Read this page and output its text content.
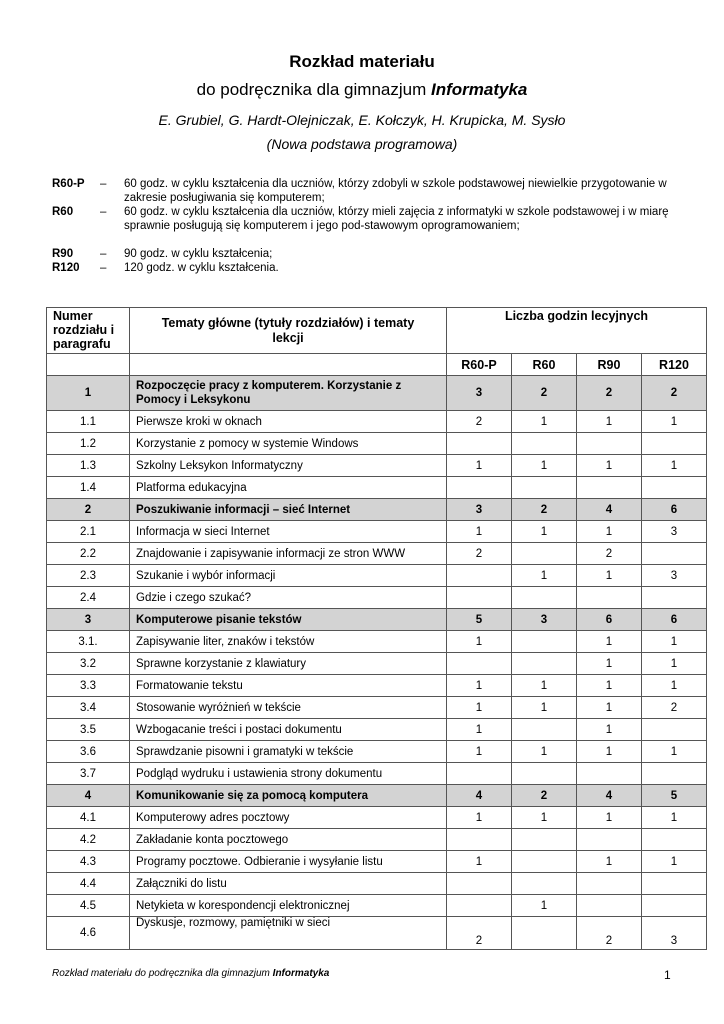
Rozkład materiału
do podręcznika dla gimnazjum Informatyka
E. Grubiel, G. Hardt-Olejniczak, E. Kołczyk, H. Krupicka, M. Sysło
(Nowa podstawa programowa)
R60-P	–	60 godz. w cyklu kształcenia dla uczniów, którzy zdobyli w szkole podstawowej niewielkie przygotowanie w zakresie posługiwania się komputerem;
R60	–	60 godz. w cyklu kształcenia dla uczniów, którzy mieli zajęcia z informatyki w szkole podstawowej i w miarę sprawnie posługują się komputerem i jego pod-stawowym oprogramowaniem;
R90	–	90 godz. w cyklu kształcenia;
R120	–	120 godz. w cyklu kształcenia.
Numer rozdziału i paragrafu	Tematy główne (tytuły rozdziałów) i tematy lekcji	Liczba godzin lecyjnych			
		R60-P	R60	R90	R120
1	Rozpoczęcie pracy z komputerem. Korzystanie z Pomocy i Leksykonu	3	2	2	2
1.1	Pierwsze kroki w oknach	2	1	1	1
1.2	Korzystanie z pomocy w systemie Windows				
1.3	Szkolny Leksykon Informatyczny	1	1	1	1
1.4	Platforma edukacyjna				
2	Poszukiwanie informacji – sieć Internet	3	2	4	6
2.1	Informacja w sieci Internet	1	1	1	3
2.2	Znajdowanie i zapisywanie informacji ze stron WWW	2		2	
2.3	Szukanie i wybór informacji		1	1	3
2.4	Gdzie i czego szukać?				
3	Komputerowe pisanie tekstów	5	3	6	6
3.1.	Zapisywanie liter, znaków i tekstów	1		1	1
3.2	Sprawne korzystanie z klawiatury			1	1
3.3	Formatowanie tekstu	1	1	1	1
3.4	Stosowanie wyróżnień w tekście	1	1	1	2
3.5	Wzbogacanie treści i postaci dokumentu	1		1	
3.6	Sprawdzanie pisowni i gramatyki w tekście	1	1	1	1
3.7	Podgląd wydruku i ustawienia strony dokumentu				
4	Komunikowanie się za pomocą komputera	4	2	4	5
4.1	Komputerowy adres pocztowy	1	1	1	1
4.2	Zakładanie konta pocztowego				
4.3	Programy pocztowe. Odbieranie i wysyłanie listu	1		1	1
4.4	Załączniki do listu				
4.5	Netykieta w korespondencji elektronicznej		1		
4.6	Dyskusje, rozmowy, pamiętniki w sieci	2		2	3
Rozkład materiału do podręcznika dla gimnazjum Informatyka	1
